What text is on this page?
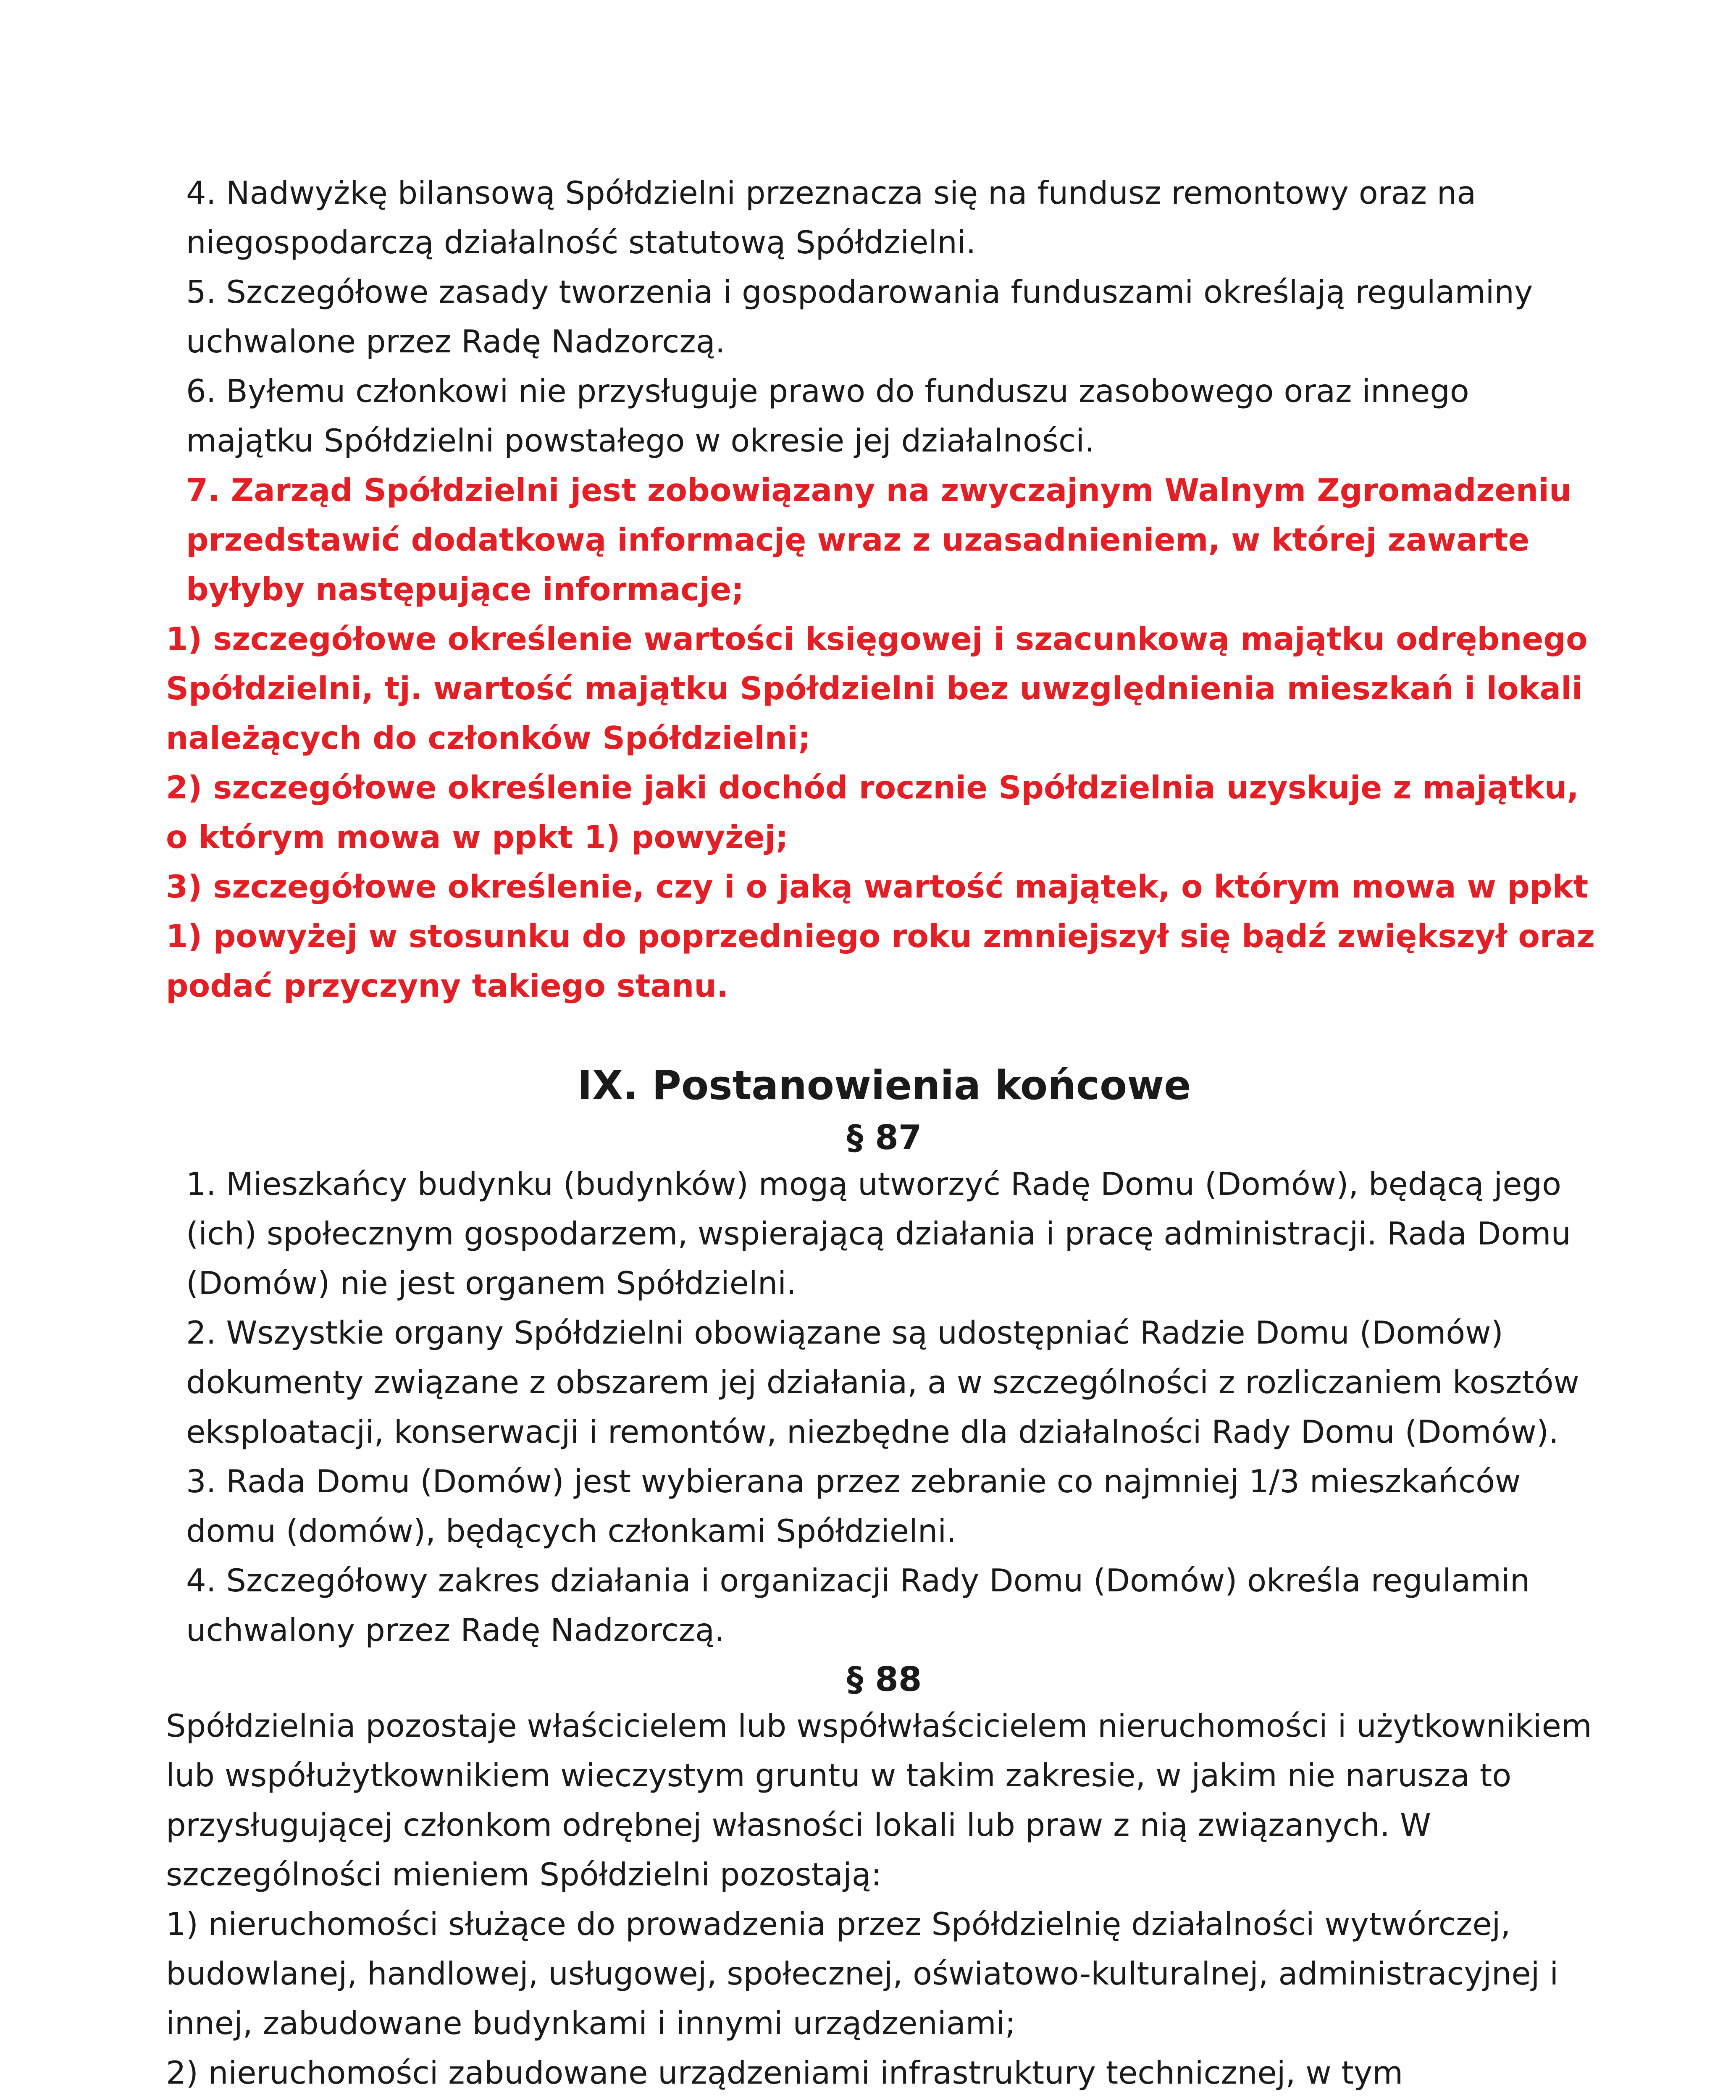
4. Nadwyżkę bilansową Spółdzielni przeznacza się na fundusz remontowy oraz na niegospodarczą działalność statutową Spółdzielni.

5. Szczegółowe zasady tworzenia i gospodarowania funduszami określają regulaminy uchwalone przez Radę Nadzorczą.

6. Byłemu członkowi nie przysługuje prawo do funduszu zasobowego oraz innego majątku Spółdzielni powstałego w okresie jej działalności.

7. Zarząd Spółdzielni jest zobowiązany na zwyczajnym Walnym Zgromadzeniu przedstawić dodatkową informację wraz z uzasadnieniem, w której zawarte byłyby następujące informacje;

1) szczegółowe określenie wartości księgowej i szacunkową majątku odrębnego Spółdzielni, tj. wartość majątku Spółdzielni bez uwzględnienia mieszkań i lokali należących do członków Spółdzielni;

2) szczegółowe określenie jaki dochód rocznie Spółdzielnia uzyskuje z majątku, o którym mowa w ppkt 1) powyżej;

3) szczegółowe określenie, czy i o jaką wartość majątek, o którym mowa w ppkt 1) powyżej w stosunku do poprzedniego roku zmniejszył się bądź zwiększył oraz podać przyczyny takiego stanu.

IX. Postanowienia końcowe
§ 87

1. Mieszkańcy budynku (budynków) mogą utworzyć Radę Domu (Domów), będącą jego (ich) społecznym gospodarzem, wspierającą działania i pracę administracji. Rada Domu (Domów) nie jest organem Spółdzielni.

2. Wszystkie organy Spółdzielni obowiązane są udostępniać Radzie Domu (Domów) dokumenty związane z obszarem jej działania, a w szczególności z rozliczaniem kosztów eksploatacji, konserwacji i remontów, niezbędne dla działalności Rady Domu (Domów).

3. Rada Domu (Domów) jest wybierana przez zebranie co najmniej 1/3 mieszkańców domu (domów), będących członkami Spółdzielni.

4. Szczegółowy zakres działania i organizacji Rady Domu (Domów) określa regulamin uchwalony przez Radę Nadzorczą.

§ 88

Spółdzielnia pozostaje właścicielem lub współwłaścicielem nieruchomości i użytkownikiem lub współużytkownikiem wieczystym gruntu w takim zakresie, w jakim nie narusza to przysługującej członkom odrębnej własności lokali lub praw z nią związanych. W szczególności mieniem Spółdzielni pozostają:

1) nieruchomości służące do prowadzenia przez Spółdzielnię działalności wytwórczej, budowlanej, handlowej, usługowej, społecznej, oświatowo-kulturalnej, administracyjnej i innej, zabudowane budynkami i innymi urządzeniami;

2) nieruchomości zabudowane urządzeniami infrastruktury technicznej, w tym
